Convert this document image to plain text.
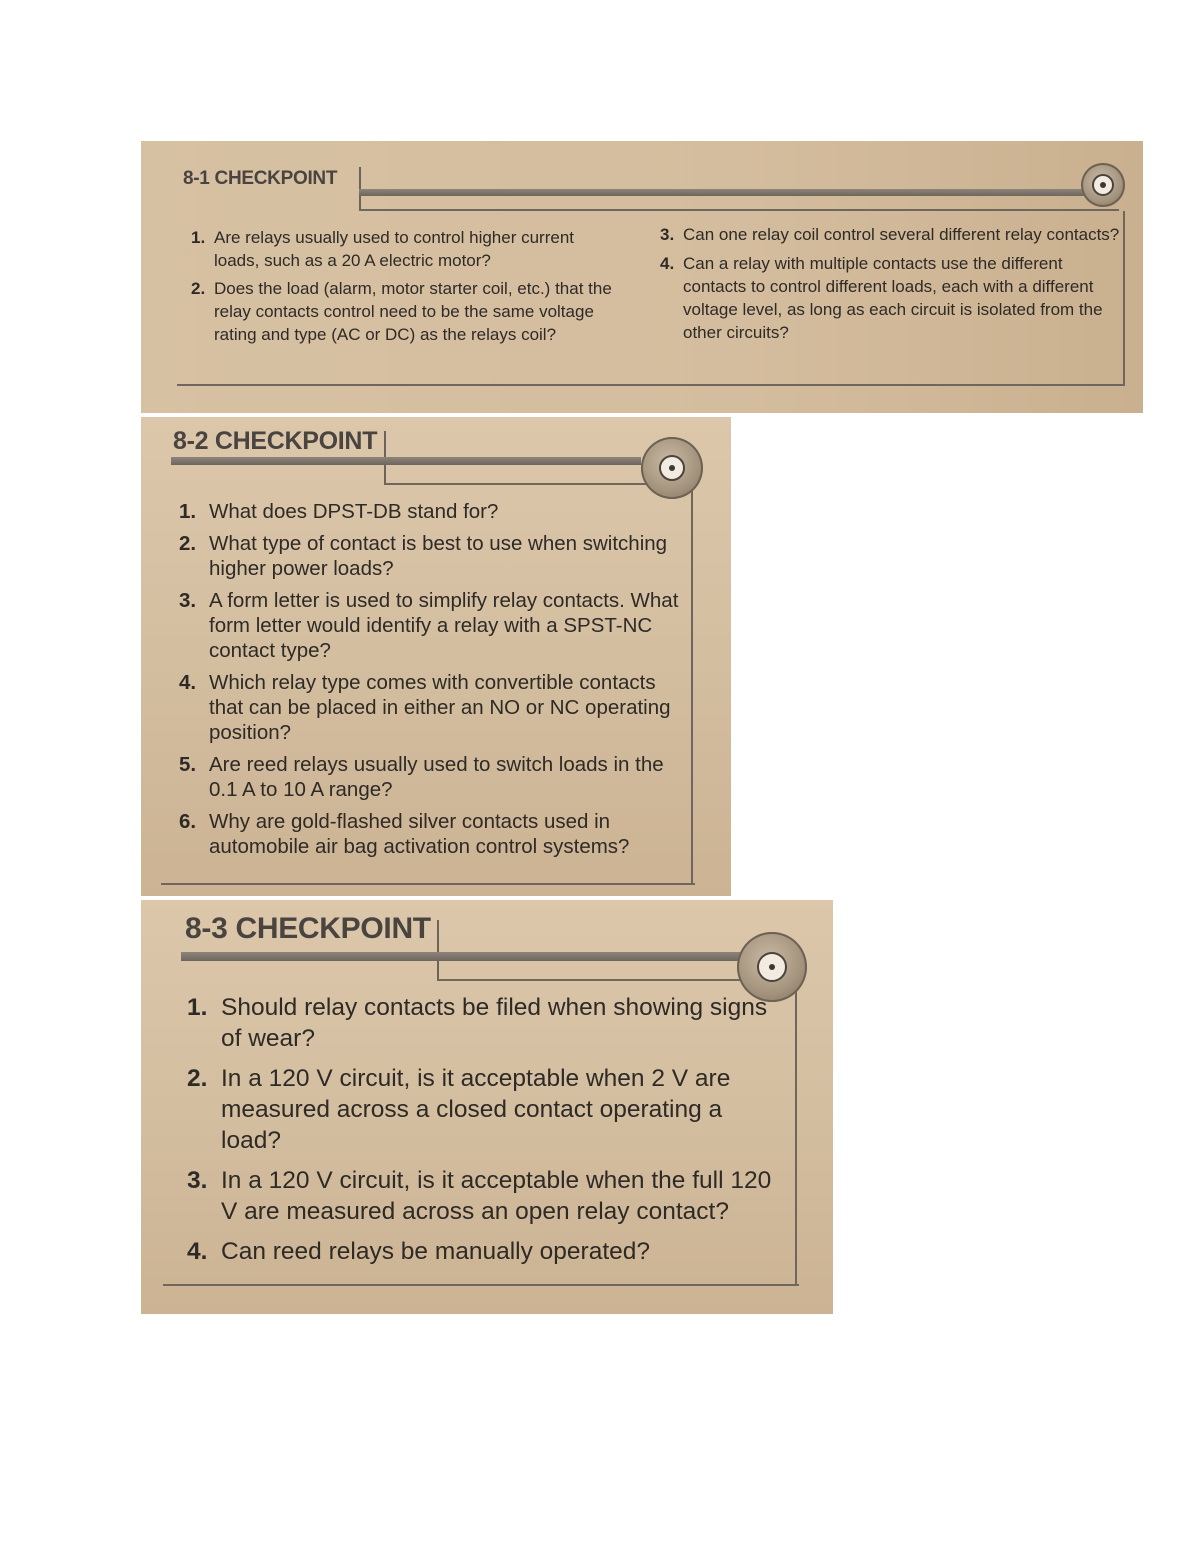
8-1 CHECKPOINT
1. Are relays usually used to control higher current loads, such as a 20 A electric motor?
2. Does the load (alarm, motor starter coil, etc.) that the relay contacts control need to be the same voltage rating and type (AC or DC) as the relays coil?
3. Can one relay coil control several different relay contacts?
4. Can a relay with multiple contacts use the different contacts to control different loads, each with a different voltage level, as long as each circuit is isolated from the other circuits?
8-2 CHECKPOINT
1. What does DPST-DB stand for?
2. What type of contact is best to use when switching higher power loads?
3. A form letter is used to simplify relay contacts. What form letter would identify a relay with a SPST-NC contact type?
4. Which relay type comes with convertible contacts that can be placed in either an NO or NC operating position?
5. Are reed relays usually used to switch loads in the 0.1 A to 10 A range?
6. Why are gold-flashed silver contacts used in automobile air bag activation control systems?
8-3 CHECKPOINT
1. Should relay contacts be filed when showing signs of wear?
2. In a 120 V circuit, is it acceptable when 2 V are measured across a closed contact operating a load?
3. In a 120 V circuit, is it acceptable when the full 120 V are measured across an open relay contact?
4. Can reed relays be manually operated?
